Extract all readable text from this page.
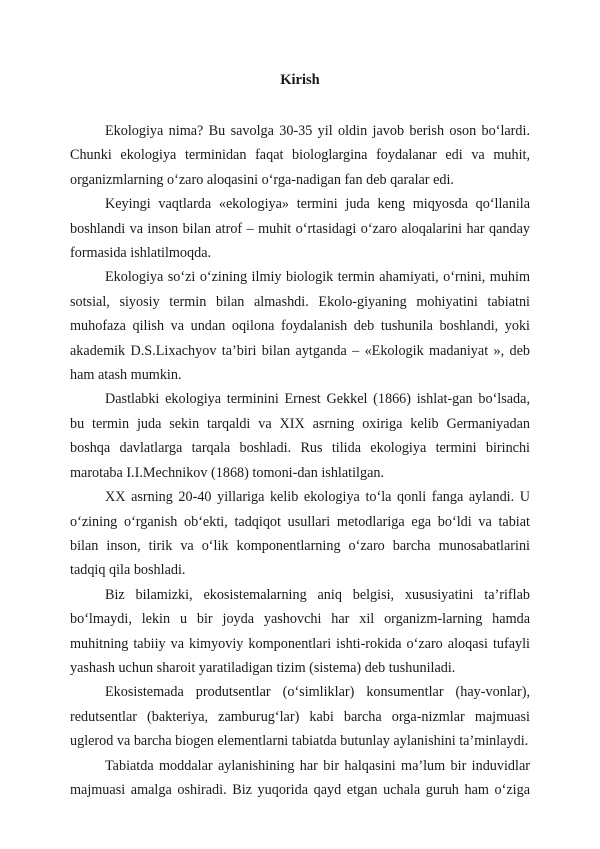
Kirish

Ekologiya nima? Bu savolga 30-35 yil oldin javob berish oson bo‘lardi. Chunki ekologiya terminidan faqat biologlargina foydalanar edi va muhit, organizmlarning o‘zaro aloqasini o‘rga-nadigan fan deb qaralar edi.

Keyingi vaqtlarda «ekologiya» termini juda keng miqyosda qo‘llanila boshlandi va inson bilan atrof – muhit o‘rtasidagi o‘zaro aloqalarini har qanday formasida ishlatilmoqda.

Ekologiya so‘zi o‘zining ilmiy biologik termin ahamiyati, o‘rnini, muhim sotsial, siyosiy termin bilan almashdi. Ekolo-giyaning mohiyatini tabiatni muhofaza qilish va undan oqilona foydalanish deb tushunila boshlandi, yoki akademik D.S.Lixachyov ta’biri bilan aytganda – «Ekologik madaniyat », deb ham atash mumkin.

Dastlabki ekologiya terminini Ernest Gekkel (1866) ishlat-gan bo‘lsada, bu termin juda sekin tarqaldi va XIX asrning oxiriga kelib Germaniyadan boshqa davlatlarga tarqala boshladi. Rus tilida ekologiya termini birinchi marotaba I.I.Mechnikov (1868) tomoni-dan ishlatilgan.

XX asrning 20-40 yillariga kelib ekologiya to‘la qonli fanga aylandi. U o‘zining o‘rganish ob‘ekti, tadqiqot usullari metodlariga ega bo‘ldi va tabiat bilan inson, tirik va o‘lik komponentlarning o‘zaro barcha munosabatlarini tadqiq qila boshladi.

Biz bilamizki, ekosistemalarning aniq belgisi, xususiyatini ta’riflab bo‘lmaydi, lekin u bir joyda yashovchi har xil organizm-larning hamda muhitning tabiiy va kimyoviy komponentlari ishti-rokida o‘zaro aloqasi tufayli yashash uchun sharoit yaratiladigan tizim (sistema) deb tushuniladi.

Ekosistemada produtsentlar (o‘simliklar) konsumentlar (hay-vonlar), redutsentlar (bakteriya, zamburug‘lar) kabi barcha orga-nizmlar majmuasi uglerod va barcha biogen elementlarni tabiatda butunlay aylanishini ta’minlaydi.

Tabiatda moddalar aylanishining har bir halqasini ma’lum bir induvidlar majmuasi amalga oshiradi. Biz yuqorida qayd etgan uchala guruh ham o‘ziga
